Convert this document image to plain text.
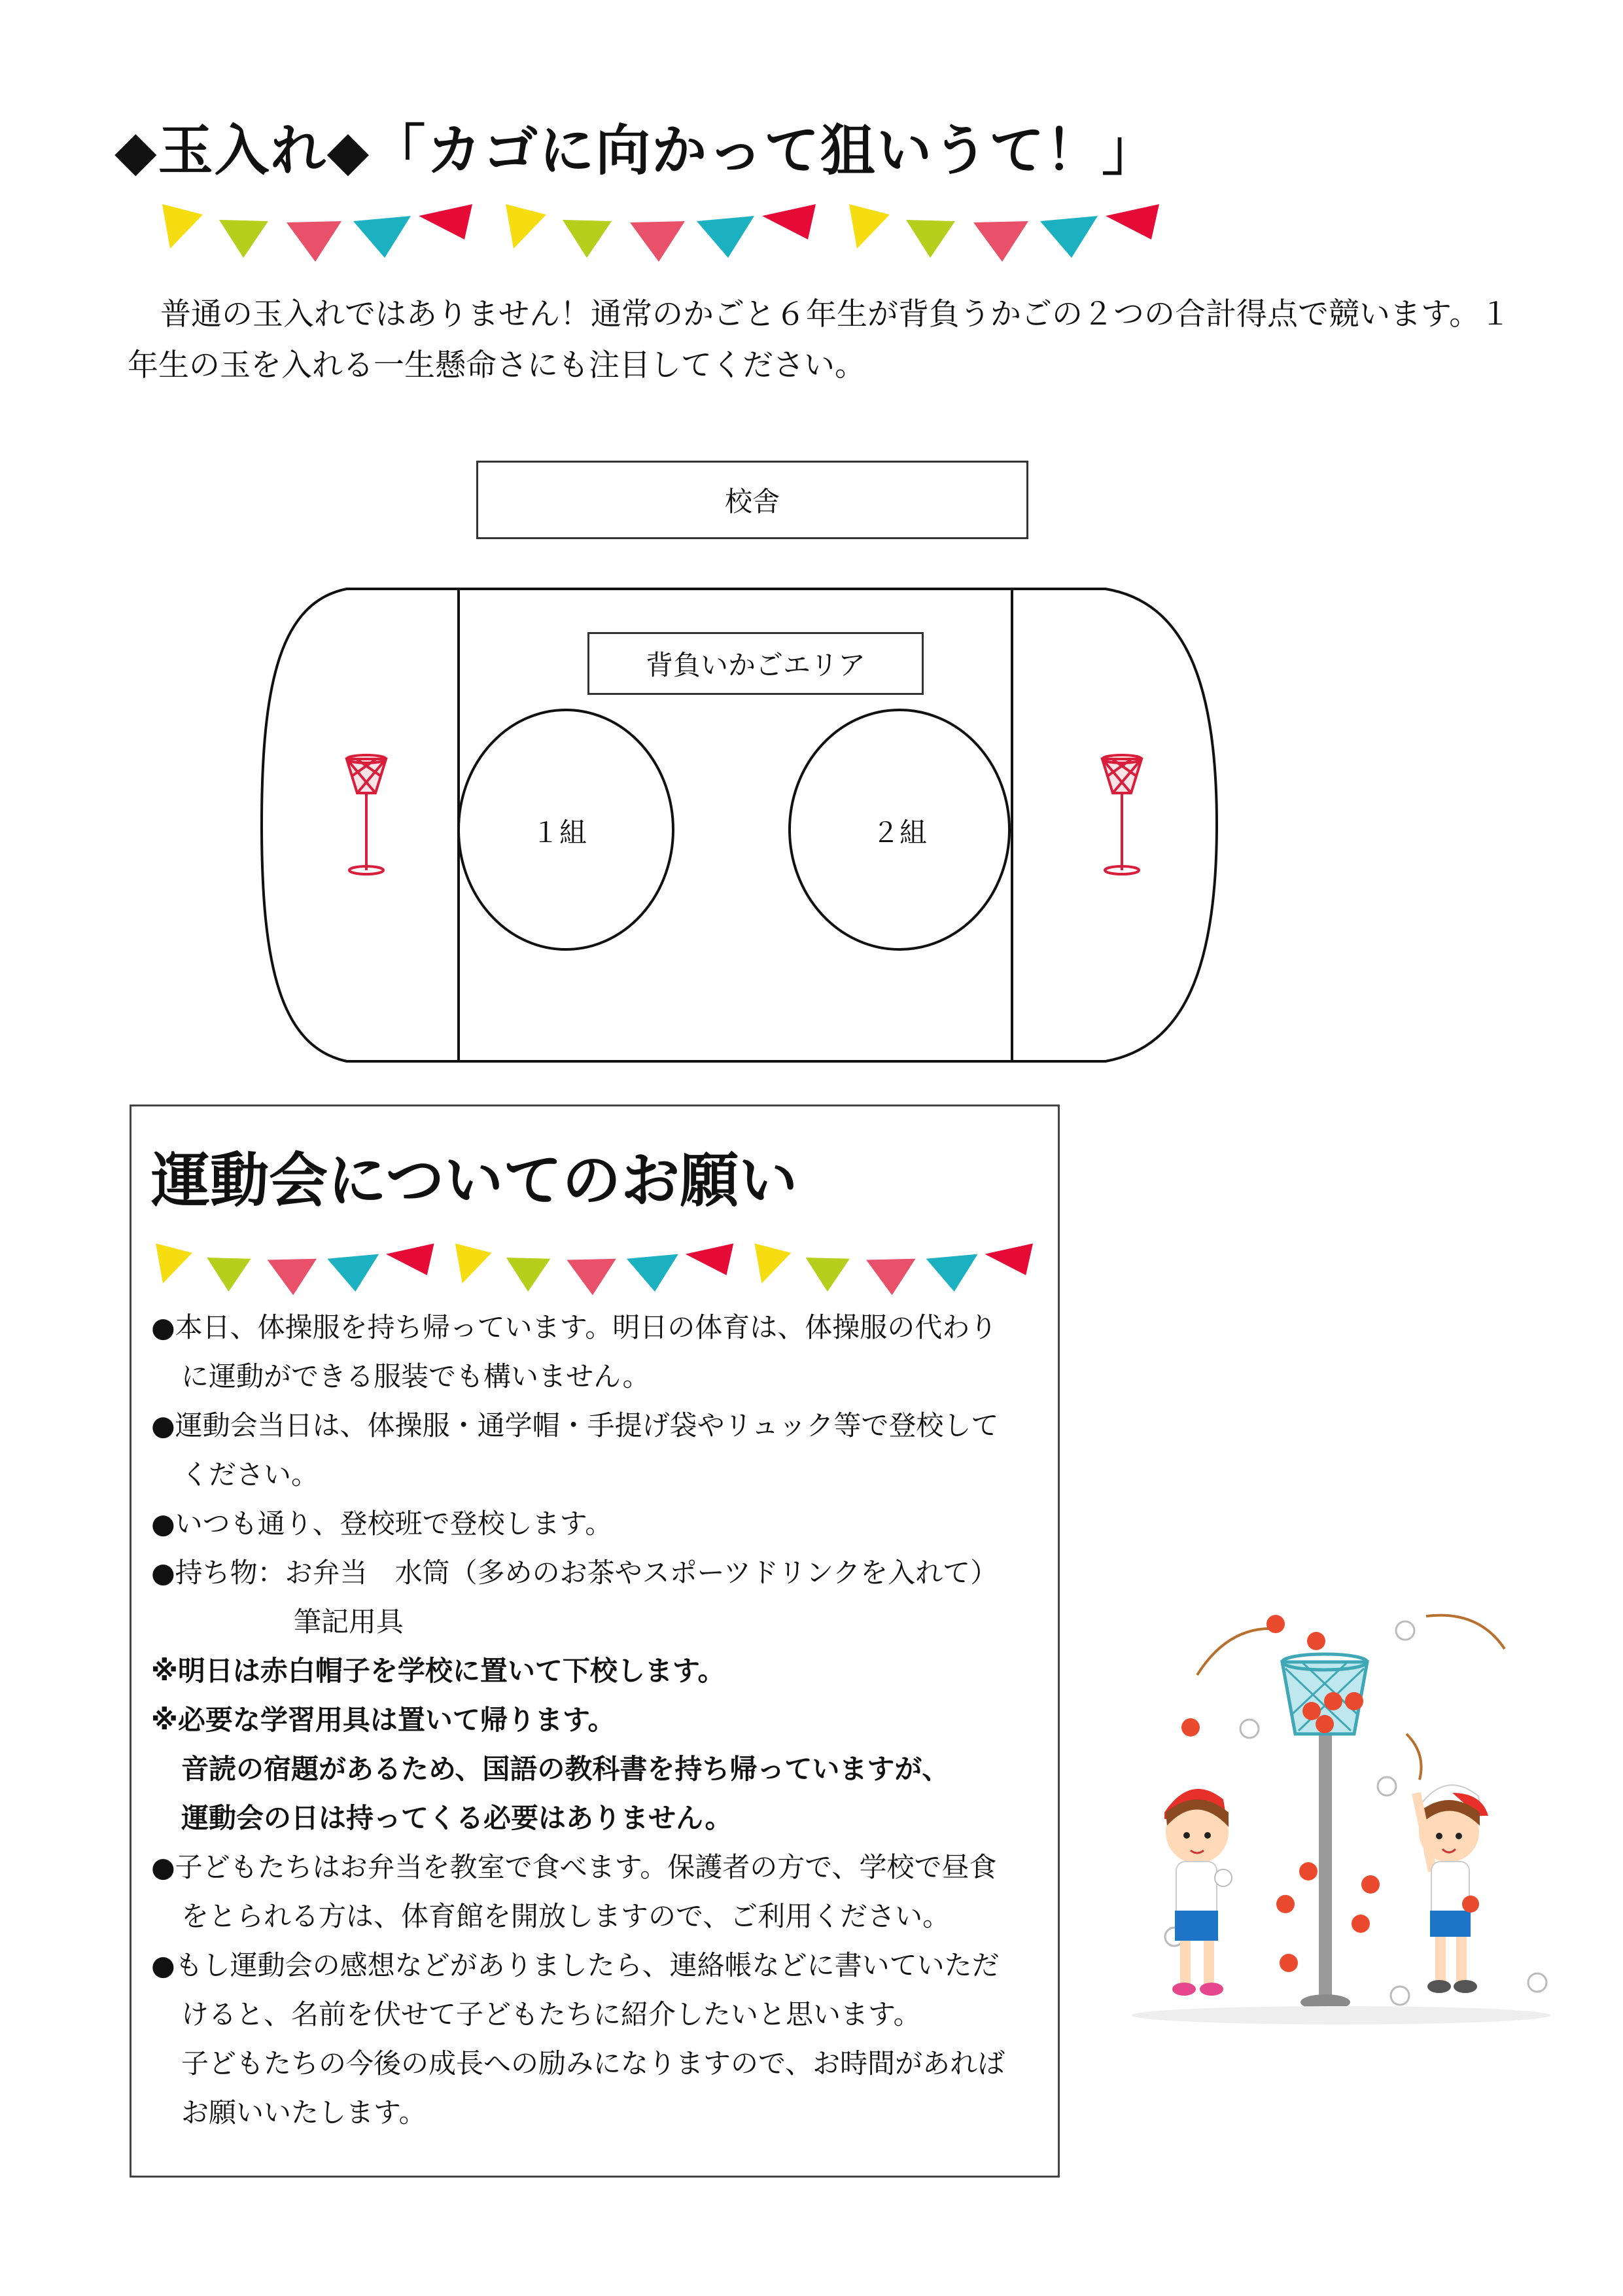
◆玉入れ◆「カゴに向かって狙いうて！」
普通の玉入れではありません！通常のかごと６年生が背負うかごの２つの合計得点で競います。１年生の玉を入れる一生懸命さにも注目してください。
校舎
背負いかごエリア
１組	２組
運動会についてのお願い

●本日、体操服を持ち帰っています。明日の体育は、体操服の代わり

に運動ができる服装でも構いません。

●運動会当日は、体操服・通学帽・手提げ袋やリュック等で登校して

ください。

●いつも通り、登校班で登校します。

●持ち物：お弁当　水筒（多めのお茶やスポーツドリンクを入れて）

筆記用具

※明日は赤白帽子を学校に置いて下校します。

※必要な学習用具は置いて帰ります。

音読の宿題があるため、国語の教科書を持ち帰っていますが、

運動会の日は持ってくる必要はありません。

●子どもたちはお弁当を教室で食べます。保護者の方で、学校で昼食

をとられる方は、体育館を開放しますので、ご利用ください。

●もし運動会の感想などがありましたら、連絡帳などに書いていただ

けると、名前を伏せて子どもたちに紹介したいと思います。

子どもたちの今後の成長への励みになりますので、お時間があれば

お願いいたします。
